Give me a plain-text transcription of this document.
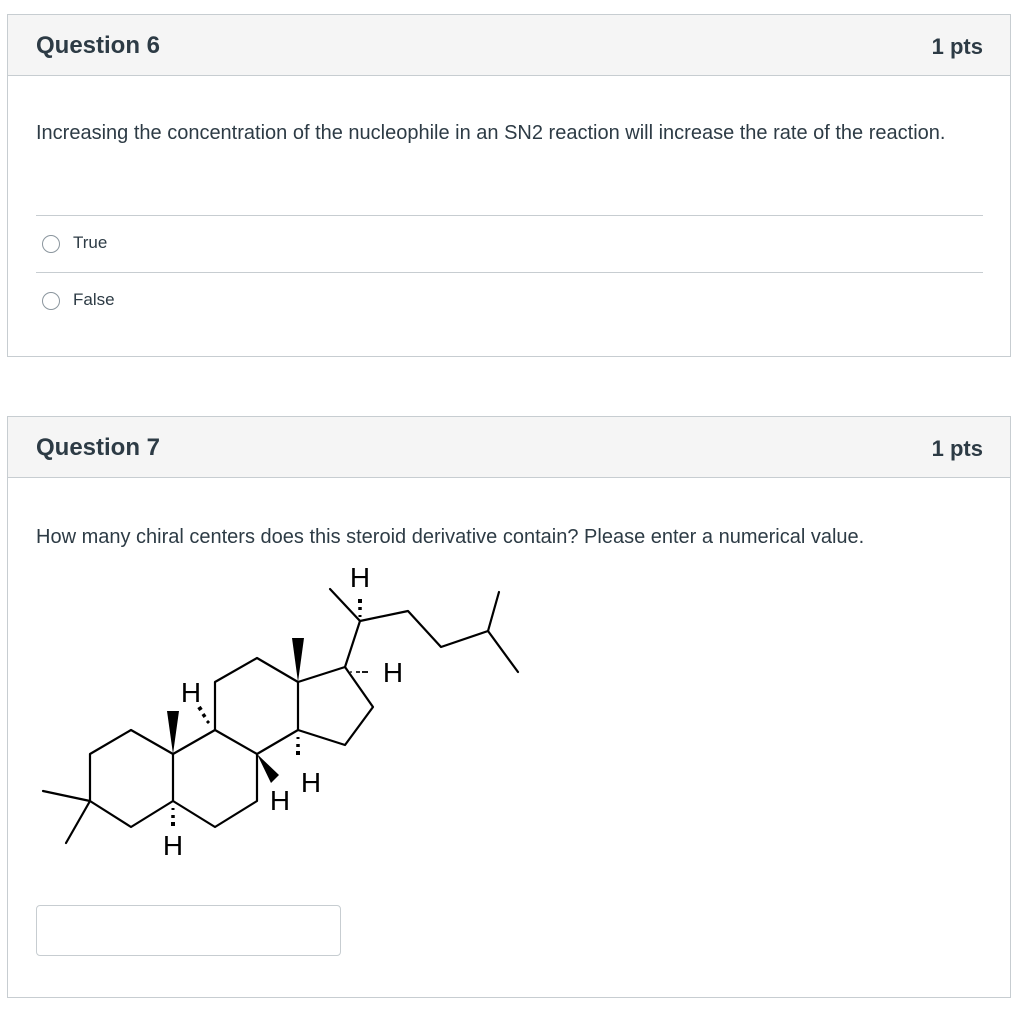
Question 6	1 pts
Increasing the concentration of the nucleophile in an SN2 reaction will increase the rate of the reaction.
True
False
Question 7	1 pts
How many chiral centers does this steroid derivative contain? Please enter a numerical value.
H
H
H
H
H
H
